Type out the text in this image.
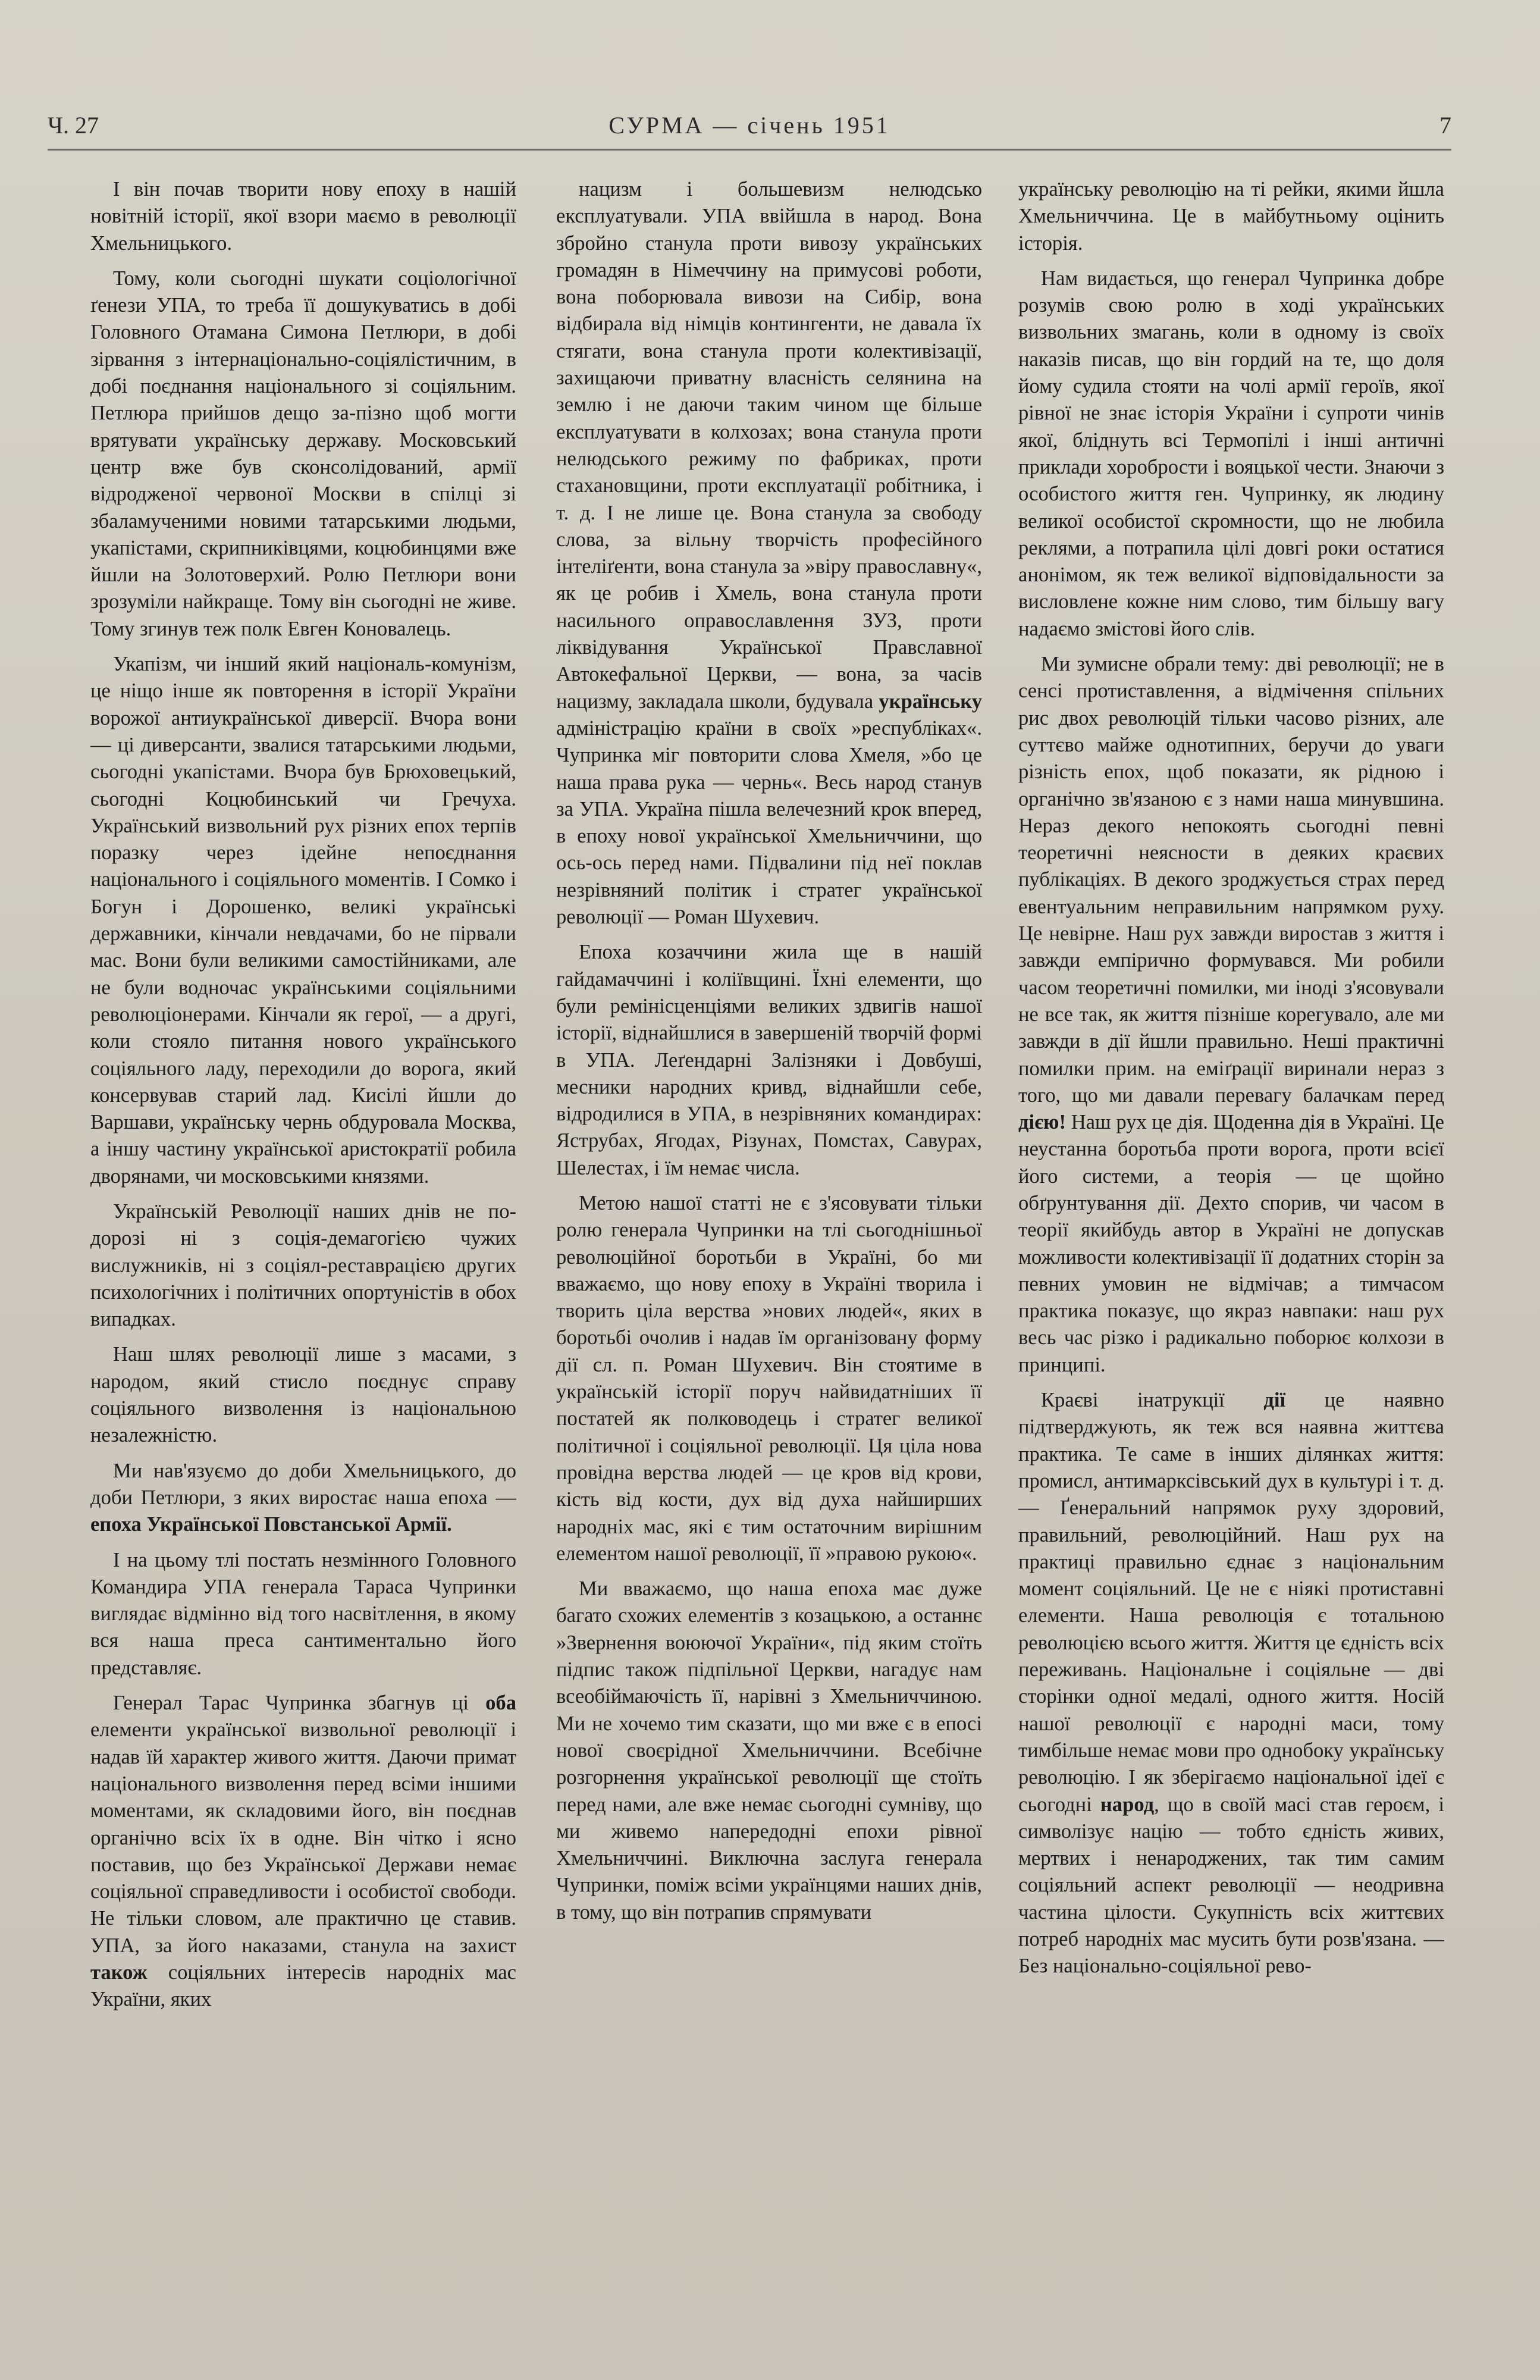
Ч. 27	СУРМА — січень 1951	7

І він почав творити нову епоху в нашій новітній історії, якої взори маємо в революції Хмельницького.

Тому, коли сьогодні шукати соціологічної ґенези УПА, то треба її дошукуватись в добі Головного Отамана Симона Петлюри, в добі зірвання з інтернаціонально-соціялістичним, в добі поєднання національного зі соціяльним. Петлюра прийшов дещо за-пізно щоб могти врятувати українську державу. Московський центр вже був сконсолідований, армії відродженої червоної Москви в спілці зі збаламученими новими татарськими людьми, укапістами, скрипниківцями, коцюбинцями вже йшли на Золотоверхий. Ролю Петлюри вони зрозуміли найкраще. Тому він сьогодні не живе. Тому згинув теж полк Евген Коновалець.

Укапізм, чи інший який національ-комунізм, це ніщо інше як повторення в історії України ворожої антиукраїнської диверсії. Вчора вони — ці диверсанти, звалися татарськими людьми, сьогодні укапістами. Вчора був Брюховецький, сьогодні Коцюбинський чи Гречуха. Український визвольний рух різних епох терпів поразку через ідейне непоєднання національного і соціяльного моментів. І Сомко і Богун і Дорошенко, великі українські державники, кінчали невдачами, бо не пірвали мас. Вони були великими самостійниками, але не були водночас українськими соціяльними революціонерами. Кінчали як герої, — а другі, коли стояло питання нового українського соціяльного ладу, переходили до ворога, який консервував старий лад. Кисілі йшли до Варшави, українську чернь обдуровала Москва, а іншу частину української аристократії робила дворянами, чи московськими князями.

Українській Революції наших днів не по-дорозі ні з соція-демагогією чужих вислужників, ні з соціял-реставрацією других психологічних і політичних опортуністів в обох випадках.

Наш шлях революції лише з масами, з народом, який стисло поєднує справу соціяльного визволення із національною незалежністю.

Ми нав'язуємо до доби Хмельницького, до доби Петлюри, з яких виростає наша епоха — епоха Української Повстанської Армії.

І на цьому тлі постать незмінного Головного Командира УПА генерала Тараса Чупринки виглядає відмінно від того насвітлення, в якому вся наша преса сантиментально його представляє.

Генерал Тарас Чупринка збагнув ці оба елементи української визвольної революції і надав їй характер живого життя. Даючи примат національного визволення перед всіми іншими моментами, як складовими його, він поєднав органічно всіх їх в одне. Він чітко і ясно поставив, що без Української Держави немає соціяльної справедливости і особистої свободи. Не тільки словом, але практично це ставив. УПА, за його наказами, станула на захист також соціяльних інтересів народніх мас України, яких

нацизм і большевизм нелюдсько експлуатували. УПА ввійшла в народ. Вона збройно станула проти вивозу українських громадян в Німеччину на примусові роботи, вона поборювала вивози на Сибір, вона відбирала від німців контингенти, не давала їх стягати, вона станула проти колективізації, захищаючи приватну власність селянина на землю і не даючи таким чином ще більше експлуатувати в колхозах; вона станула проти нелюдського режиму по фабриках, проти стахановщини, проти експлуатації робітника, і т. д. І не лише це. Вона станула за свободу слова, за вільну творчість професійного інтеліґенти, вона станула за »віру православну«, як це робив і Хмель, вона станула проти насильного оправославлення ЗУЗ, проти ліквідування Української Правславної Автокефальної Церкви, — вона, за часів нацизму, закладала школи, будувала українську адміністрацію країни в своїх »республіках«. Чупринка міг повторити слова Хмеля, »бо це наша права рука — чернь«. Весь народ станув за УПА. Україна пішла велечезний крок вперед, в епоху нової української Хмельниччини, що ось-ось перед нами. Підвалини під неї поклав незрівняний політик і стратег української революції — Роман Шухевич.

Епоха козаччини жила ще в нашій гайдамаччині і коліївщині. Їхні елементи, що були ремінісценціями великих здвигів нашої історії, віднайшлися в завершеній творчій формі в УПА. Леґендарні Залізняки і Довбуші, месники народних кривд, віднайшли себе, відродилися в УПА, в незрівняних командирах: Яструбах, Ягодах, Різунах, Помстах, Савурах, Шелестах, і їм немає числа.

Метою нашої статті не є з'ясовувати тільки ролю генерала Чупринки на тлі сьогоднішньої революційної боротьби в Україні, бо ми вважаємо, що нову епоху в Україні творила і творить ціла верства »нових людей«, яких в боротьбі очолив і надав їм організовану форму дії сл. п. Роман Шухевич. Він стоятиме в українській історії поруч найвидатніших її постатей як полководець і стратег великої політичної і соціяльної революції. Ця ціла нова провідна верства людей — це кров від крови, кість від кости, дух від духа найширших народніх мас, які є тим остаточним вирішним елементом нашої революції, її »правою рукою«.

Ми вважаємо, що наша епоха має дуже багато схожих елементів з козацькою, а останнє »Звернення воюючої України«, під яким стоїть підпис також підпільної Церкви, нагадує нам всеобіймаючість її, нарівні з Хмельниччиною. Ми не хочемо тим сказати, що ми вже є в епосі нової своєрідної Хмельниччини. Всебічне розгорнення української революції ще стоїть перед нами, але вже немає сьогодні сумніву, що ми живемо напередодні епохи рівної Хмельниччині. Виключна заслуга генерала Чупринки, поміж всіми українцями наших днів, в тому, що він потрапив спрямувати

українську революцію на ті рейки, якими йшла Хмельниччина. Це в майбутньому оцінить історія.

Нам видається, що генерал Чупринка добре розумів свою ролю в ході українських визвольних змагань, коли в одному із своїх наказів писав, що він гордий на те, що доля йому судила стояти на чолі армії героїв, якої рівної не знає історія України і супроти чинів якої, бліднуть всі Термопілі і інші античні приклади хоробрости і вояцької чести. Знаючи з особистого життя ген. Чупринку, як людину великої особистої скромности, що не любила реклями, а потрапила цілі довгі роки остатися анонімом, як теж великої відповідальности за висловлене кожне ним слово, тим більшу вагу надаємо змістові його слів.

Ми зумисне обрали тему: дві революції; не в сенсі протиставлення, а відмічення спільних рис двох революцій тільки часово різних, але суттєво майже однотипних, беручи до уваги різність епох, щоб показати, як рідною і органічно зв'язаною є з нами наша минувшина. Нераз декого непокоять сьогодні певні теоретичні неясности в деяких краєвих публікаціях. В декого зроджується страх перед евентуальним неправильним напрямком руху. Це невірне. Наш рух завжди виростав з життя і завжди емпірично формувався. Ми робили часом теоретичні помилки, ми іноді з'ясовували не все так, як життя пізніше корегувало, але ми завжди в дії йшли правильно. Неші практичні помилки прим. на еміґрації виринали нераз з того, що ми давали перевагу балачкам перед дією! Наш рух це дія. Щоденна дія в Україні. Це неустанна боротьба проти ворога, проти всієї його системи, а теорія — це щойно обґрунтування дії. Дехто спорив, чи часом в теорії якийбудь автор в Україні не допускав можливости колективізації її додатних сторін за певних умовин не відмічав; а тимчасом практика показує, що якраз навпаки: наш рух весь час різко і радикально поборює колхози в принципі.

Краєві інатрукції дії це наявно підтверджують, як теж вся наявна життєва практика. Те саме в інших ділянках життя: промисл, антимарксівський дух в культурі і т. д. — Ґенеральний напрямок руху здоровий, правильний, революційний. Наш рух на практиці правильно єднає з національним момент соціяльний. Це не є ніякі протиставні елементи. Наша революція є тотальною революцією всього життя. Життя це єдність всіх переживань. Національне і соціяльне — дві сторінки одної медалі, одного життя. Носій нашої революції є народні маси, тому тимбільше немає мови про однобоку українську революцію. І як зберігаємо національної ідеї є сьогодні народ, що в своїй масі став героєм, і символізує націю — тобто єдність живих, мертвих і ненароджених, так тим самим соціяльний аспект революції — неодривна частина цілости. Сукупність всіх життєвих потреб народніх мас мусить бути розв'язана. — Без національно-соціяльної рево-
